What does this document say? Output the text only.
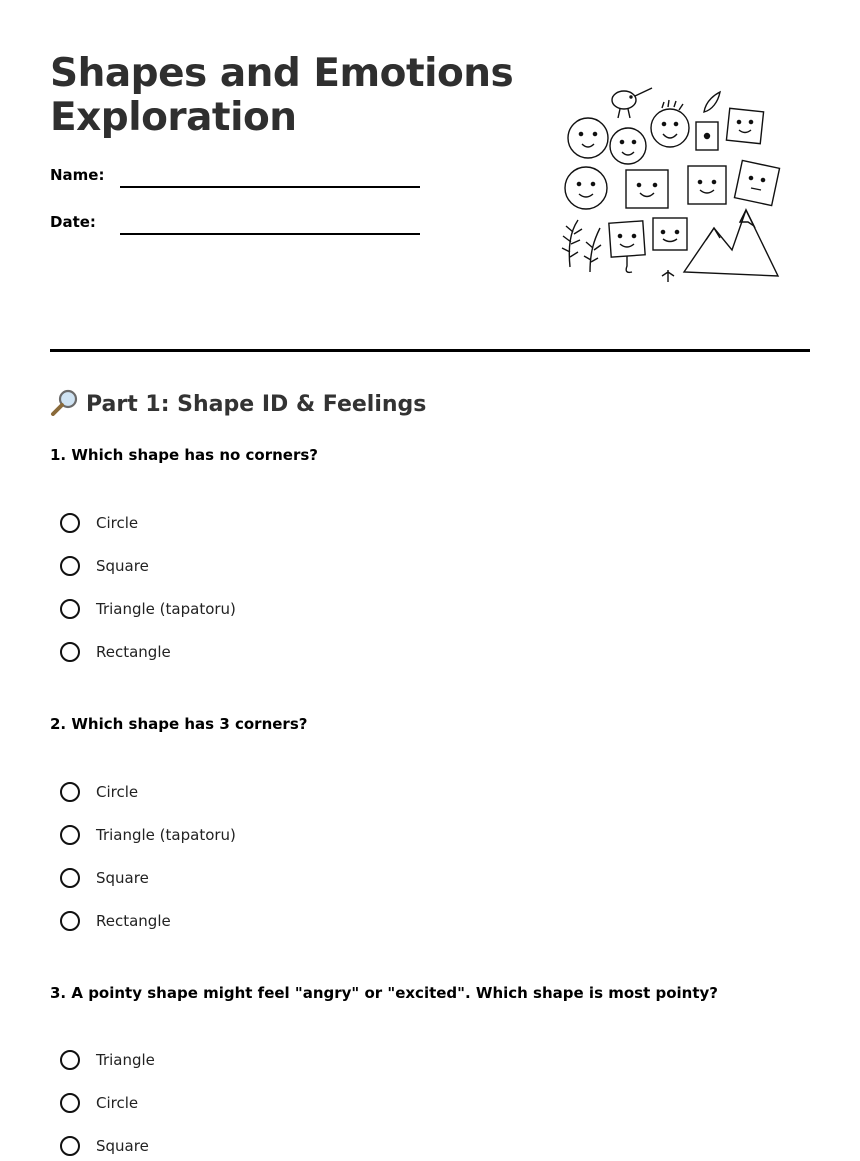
Shapes and Emotions
Exploration
Name:
Date:
Part 1: Shape ID & Feelings

1. Which shape has no corners?

Circle
Square
Triangle (tapatoru)
Rectangle

2. Which shape has 3 corners?

Circle
Triangle (tapatoru)
Square
Rectangle

3. A pointy shape might feel "angry" or "excited". Which shape is most pointy?

Triangle
Circle
Square
